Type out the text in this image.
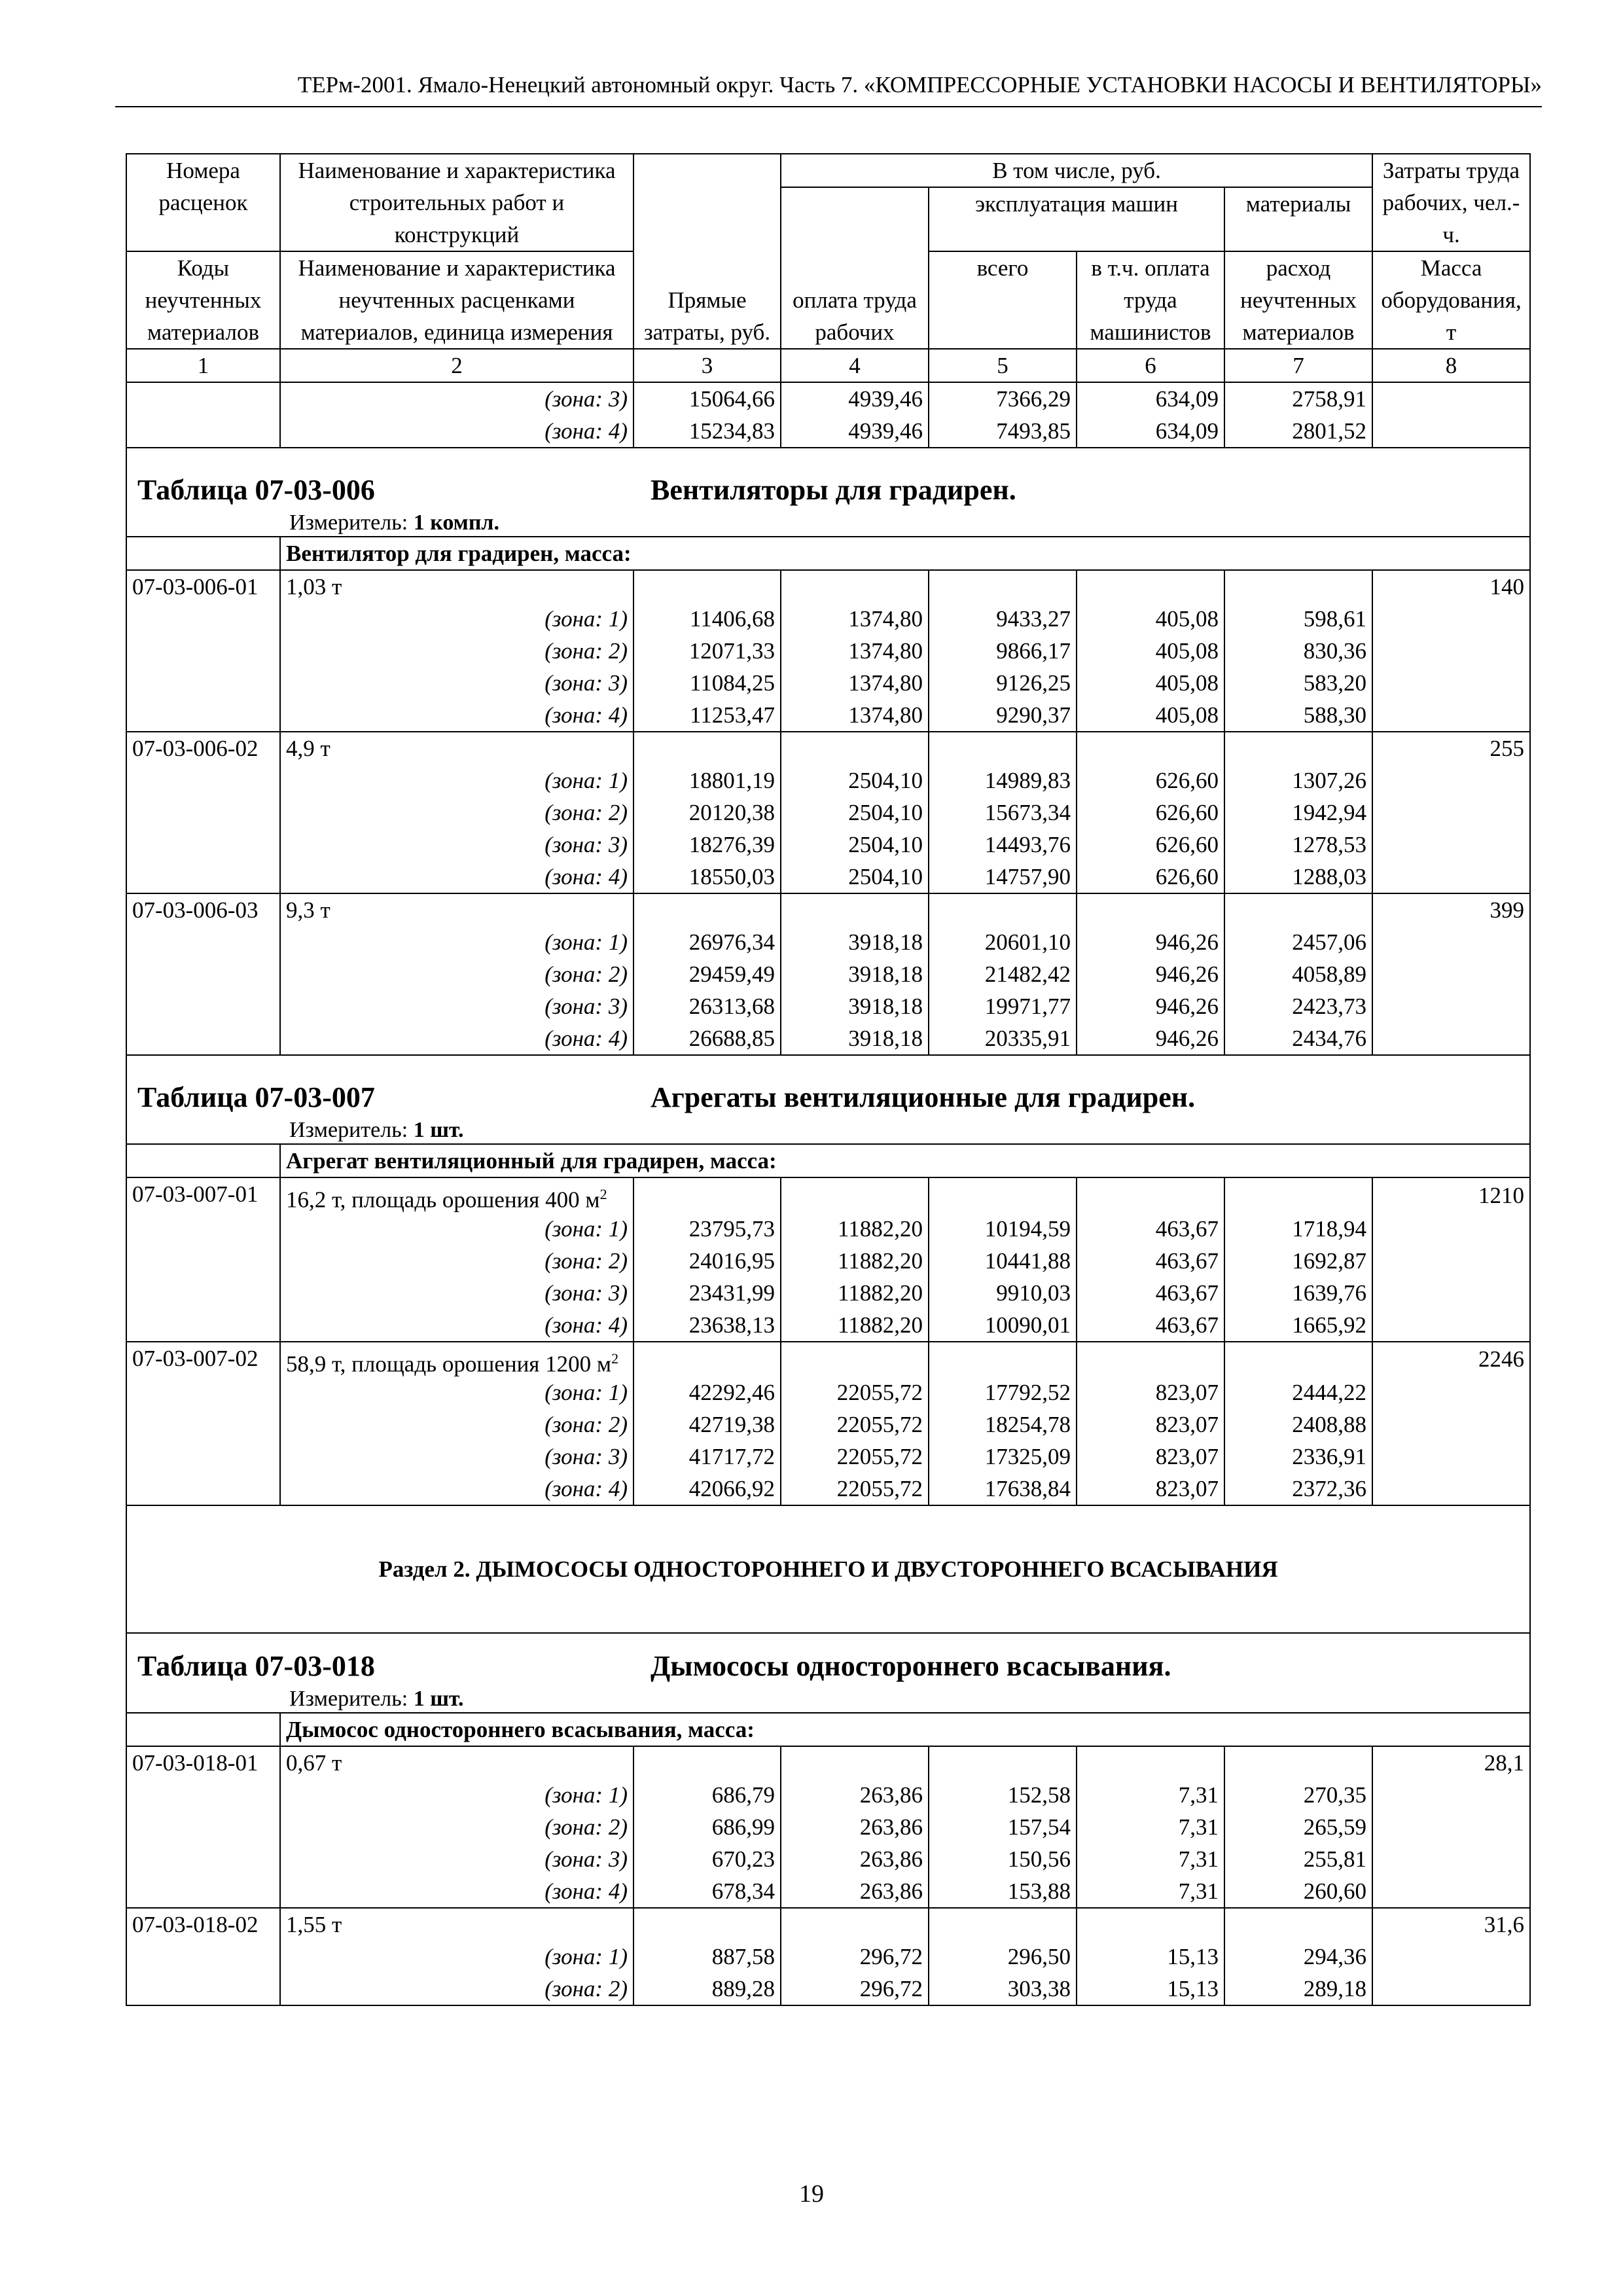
ТЕРм-2001. Ямало-Ненецкий автономный округ. Часть 7. «КОМПРЕССОРНЫЕ УСТАНОВКИ НАСОСЫ И ВЕНТИЛЯТОРЫ»
Номера расценок	Наименование и характеристика строительных работ и конструкций	Прямые затраты, руб.	В том числе, руб.				Затраты труда рабочих, чел.-ч.
			оплата труда рабочих	эксплуатация машин		материалы	
Коды неучтенных материалов	Наименование и характеристика неучтенных расценками материалов, единица измерения			всего	в т.ч. оплата труда машинистов	расход неучтенных материалов	
							Масса оборудования, т
1	2	3	4	5	6	7	8
	(зона: 3)	15064,66	4939,46	7366,29	634,09	2758,91	
	(зона: 4)	15234,83	4939,46	7493,85	634,09	2801,52	

Таблица 07-03-006 Вентиляторы для градирен.
Измеритель: 1 компл.							

	Вентилятор для градирен, масса:						
07-03-006-01	1,03 т						140
	(зона: 1)	11406,68	1374,80	9433,27	405,08	598,61	
	(зона: 2)	12071,33	1374,80	9866,17	405,08	830,36	
	(зона: 3)	11084,25	1374,80	9126,25	405,08	583,20	
	(зона: 4)	11253,47	1374,80	9290,37	405,08	588,30	
07-03-006-02	4,9 т						255
	(зона: 1)	18801,19	2504,10	14989,83	626,60	1307,26	
	(зона: 2)	20120,38	2504,10	15673,34	626,60	1942,94	
	(зона: 3)	18276,39	2504,10	14493,76	626,60	1278,53	
	(зона: 4)	18550,03	2504,10	14757,90	626,60	1288,03	
07-03-006-03	9,3 т						399
	(зона: 1)	26976,34	3918,18	20601,10	946,26	2457,06	
	(зона: 2)	29459,49	3918,18	21482,42	946,26	4058,89	
	(зона: 3)	26313,68	3918,18	19971,77	946,26	2423,73	
	(зона: 4)	26688,85	3918,18	20335,91	946,26	2434,76	

Таблица 07-03-007 Агрегаты вентиляционные для градирен.
Измеритель: 1 шт.							

	Агрегат вентиляционный для градирен, масса:						
07-03-007-01	16,2 т, площадь орошения 400 $м^2$						1210
	(зона: 1)	23795,73	11882,20	10194,59	463,67	1718,94	
	(зона: 2)	24016,95	11882,20	10441,88	463,67	1692,87	
	(зона: 3)	23431,99	11882,20	9910,03	463,67	1639,76	
	(зона: 4)	23638,13	11882,20	10090,01	463,67	1665,92	
07-03-007-02	58,9 т, площадь орошения 1200 $м^2$						2246
	(зона: 1)	42292,46	22055,72	17792,52	823,07	2444,22	
	(зона: 2)	42719,38	22055,72	18254,78	823,07	2408,88	
	(зона: 3)	41717,72	22055,72	17325,09	823,07	2336,91	
	(зона: 4)	42066,92	22055,72	17638,84	823,07	2372,36	
Раздел 2. ДЫМОСОСЫ ОДНОСТОРОННЕГО И ДВУСТОРОННЕГО ВСАСЫВАНИЯ							

Таблица 07-03-018 Дымососы одностороннего всасывания.
Измеритель: 1 шт.							

	Дымосос одностороннего всасывания, масса:						
07-03-018-01	0,67 т						28,1
	(зона: 1)	686,79	263,86	152,58	7,31	270,35	
	(зона: 2)	686,99	263,86	157,54	7,31	265,59	
	(зона: 3)	670,23	263,86	150,56	7,31	255,81	
	(зона: 4)	678,34	263,86	153,88	7,31	260,60	
07-03-018-02	1,55 т						31,6
	(зона: 1)	887,58	296,72	296,50	15,13	294,36	
	(зона: 2)	889,28	296,72	303,38	15,13	289,18	
19
